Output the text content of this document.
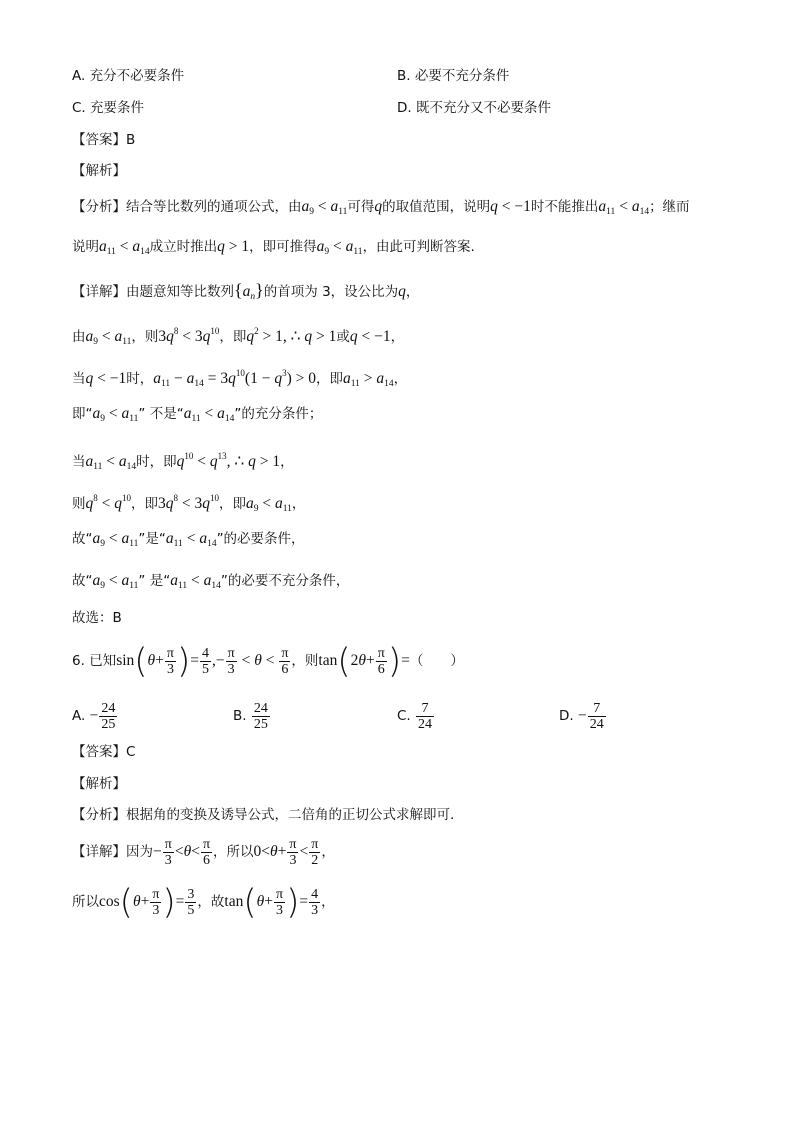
A. 充分不必要条件	B. 必要不充分条件
C. 充要条件	D. 既不充分又不必要条件
【答案】B
【解析】
【分析】结合等比数列的通项公式，由$a_9 < a_{11}$可得q的取值范围，说明q < −1时不能推出$a_{11} < a_{14}$；继而
说明$a_{11} < a_{14}$成立时推出q > 1，即可推得$a_9 < a_{11}$，由此可判断答案.
【详解】由题意知等比数列$\{a_n\}$的首项为 3，设公比为q，
由$a_9 < a_{11}$，则$3q^8 < 3q^{10}$，即$q^2 > 1$, ∴ q > 1或q < −1，
当q < −1时，$a_{11} - a_{14} = 3q^{10}(1 - q^3) > 0$，即$a_{11} > a_{14}$，
即“$a_9 < a_{11}$” 不是“$a_{11} < a_{14}$”的充分条件；
当$a_{11} < a_{14}$时，即$q^{10} < q^{13}$, ∴ q > 1，
则$q^8 < q^{10}$，即$3q^8 < 3q^{10}$，即$a_9 < a_{11}$，
故“$a_9 < a_{11}$”是“$a_{11} < a_{14}$”的必要条件，
故“$a_9 < a_{11}$” 是“$a_{11} < a_{14}$”的必要不充分条件，
故选：B
6. 已知$\sin(\theta+ \frac{\pi}{3}$ )= $\frac{4}{5}$ ,− $\frac{\pi}{3} < \theta < \frac{\pi}{6}$ ，则$\tan(2\theta+ \frac{\pi}{6}$ )=（　　）
A. − $\frac{24}{25}$	B. $\frac{24}{25}$	C. $\frac{7}{24}$	D. − $\frac{7}{24}$
【答案】C
【解析】
【分析】根据角的变换及诱导公式，二倍角的正切公式求解即可.
【详解】因为− $\frac{\pi}{3} <\theta< \frac{\pi}{6}$ ，所以$0<\theta+ \frac{\pi}{3} < \frac{\pi}{2}$ ，
所以$\cos(\theta+ \frac{\pi}{3}$ )= $\frac{3}{5}$ ，故$\tan(\theta+ \frac{\pi}{3}$ )= $\frac{4}{3}$ ，
